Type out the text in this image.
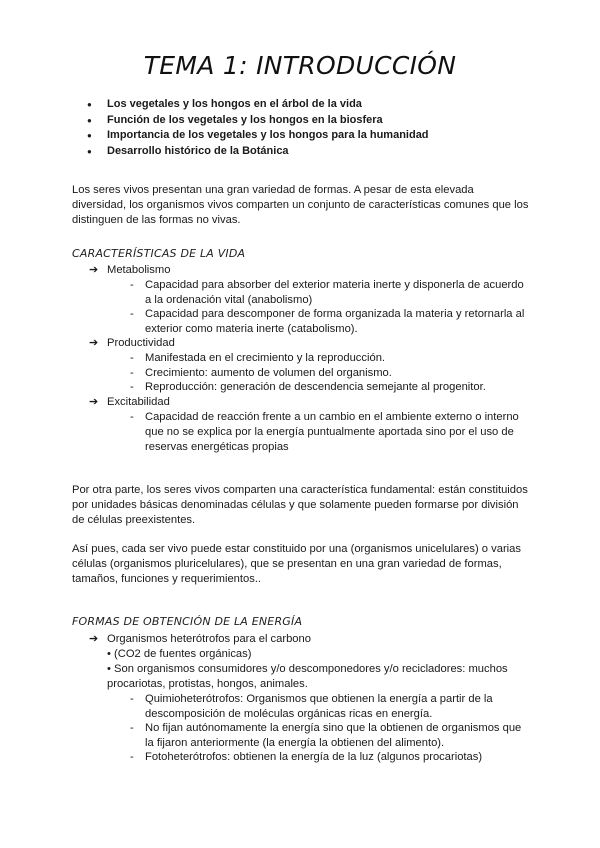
TEMA 1: INTRODUCCIÓN
● Los vegetales y los hongos en el árbol de la vida
● Función de los vegetales y los hongos en la biosfera
● Importancia de los vegetales y los hongos para la humanidad
● Desarrollo histórico de la Botánica
Los seres vivos presentan una gran variedad de formas. A pesar de esta elevada
diversidad, los organismos vivos comparten un conjunto de características comunes que los
distinguen de las formas no vivas.
CARACTERÍSTICAS DE LA VIDA
➔ Metabolismo
- Capacidad para absorber del exterior materia inerte y disponerla de acuerdo
a la ordenación vital (anabolismo)
- Capacidad para descomponer de forma organizada la materia y retornarla al
exterior como materia inerte (catabolismo).
➔ Productividad
- Manifestada en el crecimiento y la reproducción.
- Crecimiento: aumento de volumen del organismo.
- Reproducción: generación de descendencia semejante al progenitor.
➔ Excitabilidad
- Capacidad de reacción frente a un cambio en el ambiente externo o interno
que no se explica por la energía puntualmente aportada sino por el uso de
reservas energéticas propias
Por otra parte, los seres vivos comparten una característica fundamental: están constituidos
por unidades básicas denominadas células y que solamente pueden formarse por división
de células preexistentes.
Así pues, cada ser vivo puede estar constituido por una (organismos unicelulares) o varias
células (organismos pluricelulares), que se presentan en una gran variedad de formas,
tamaños, funciones y requerimientos..
FORMAS DE OBTENCIÓN DE LA ENERGÍA
➔ Organismos heterótrofos para el carbono
• (CO2 de fuentes orgánicas)
• Son organismos consumidores y/o descomponedores y/o recicladores: muchos
procariotas, protistas, hongos, animales.
- Quimioheterótrofos: Organismos que obtienen la energía a partir de la
descomposición de moléculas orgánicas ricas en energía.
- No fijan autónomamente la energía sino que la obtienen de organismos que
la fijaron anteriormente (la energía la obtienen del alimento).
- Fotoheterótrofos: obtienen la energía de la luz (algunos procariotas)
